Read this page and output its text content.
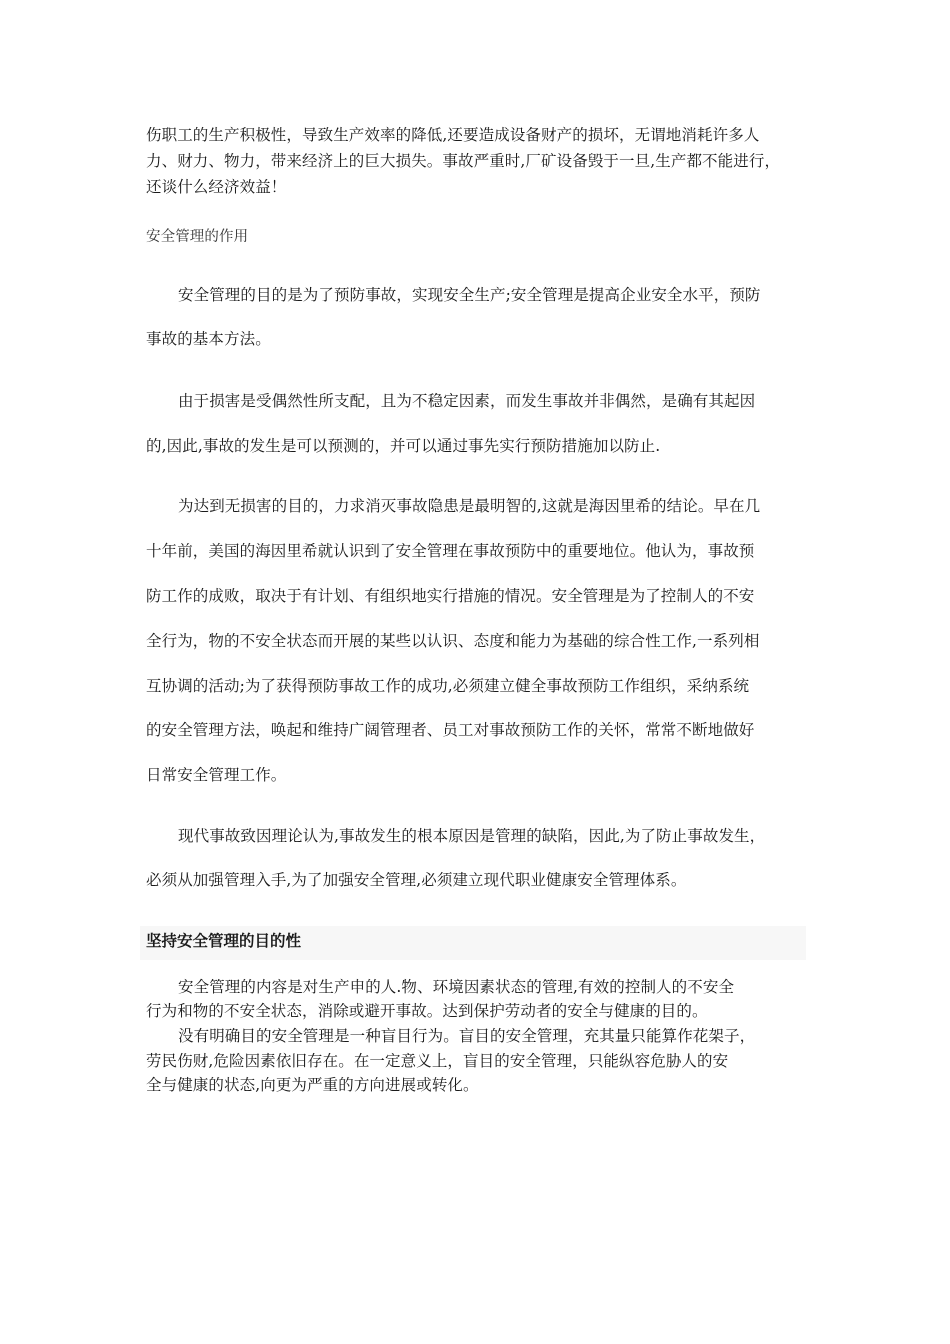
伤职工的生产积极性，导致生产效率的降低,还要造成设备财产的损坏，无谓地消耗许多人
力、财力、物力，带来经济上的巨大损失。事故严重时,厂矿设备毁于一旦,生产都不能进行，
还谈什么经济效益！
安全管理的作用
安全管理的目的是为了预防事故，实现安全生产;安全管理是提高企业安全水平，预防
事故的基本方法。
由于损害是受偶然性所支配，且为不稳定因素，而发生事故并非偶然，是确有其起因
的,因此,事故的发生是可以预测的，并可以通过事先实行预防措施加以防止.
为达到无损害的目的，力求消灭事故隐患是最明智的,这就是海因里希的结论。早在几
十年前，美国的海因里希就认识到了安全管理在事故预防中的重要地位。他认为，事故预
防工作的成败，取决于有计划、有组织地实行措施的情况。安全管理是为了控制人的不安
全行为，物的不安全状态而开展的某些以认识、态度和能力为基础的综合性工作,一系列相
互协调的活动;为了获得预防事故工作的成功,必须建立健全事故预防工作组织，采纳系统
的安全管理方法，唤起和维持广阔管理者、员工对事故预防工作的关怀，常常不断地做好
日常安全管理工作。
现代事故致因理论认为,事故发生的根本原因是管理的缺陷，因此,为了防止事故发生，
必须从加强管理入手,为了加强安全管理,必须建立现代职业健康安全管理体系。
坚持安全管理的目的性
安全管理的内容是对生产申的人.物、环境因素状态的管理,有效的控制人的不安全
行为和物的不安全状态，消除或避开事故。达到保护劳动者的安全与健康的目的。
没有明确目的安全管理是一种盲目行为。盲目的安全管理，充其量只能算作花架子，
劳民伤财,危险因素依旧存在。在一定意义上，盲目的安全管理，只能纵容危胁人的安
全与健康的状态,向更为严重的方向进展或转化。
